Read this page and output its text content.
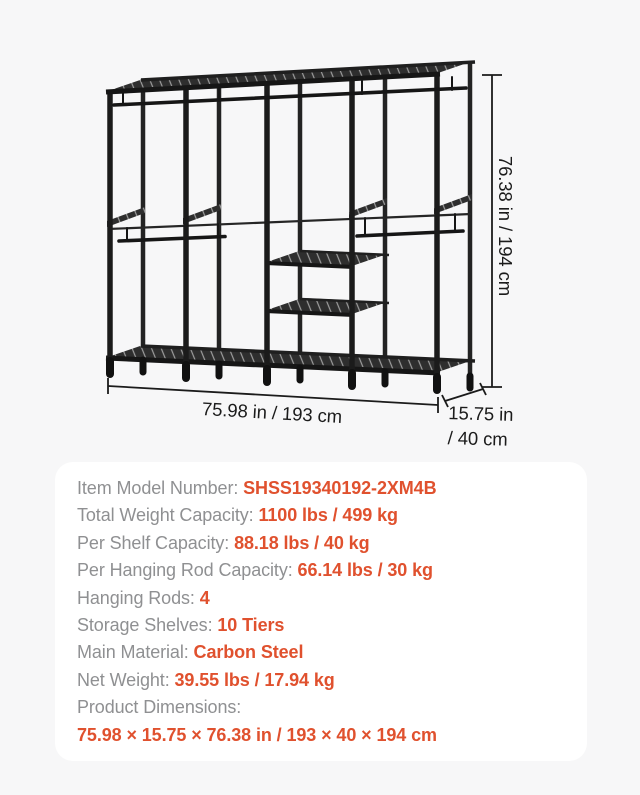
76.38 in / 194 cm
75.98 in / 193 cm	15.75 in
/ 40 cm
Item Model Number: SHSS19340192-2XM4B
Total Weight Capacity: 1100 lbs / 499 kg
Per Shelf Capacity: 88.18 lbs / 40 kg
Per Hanging Rod Capacity: 66.14 lbs / 30 kg
Hanging Rods: 4
Storage Shelves: 10 Tiers
Main Material: Carbon Steel
Net Weight: 39.55 lbs / 17.94 kg
Product Dimensions:
75.98 × 15.75 × 76.38 in / 193 × 40 × 194 cm
